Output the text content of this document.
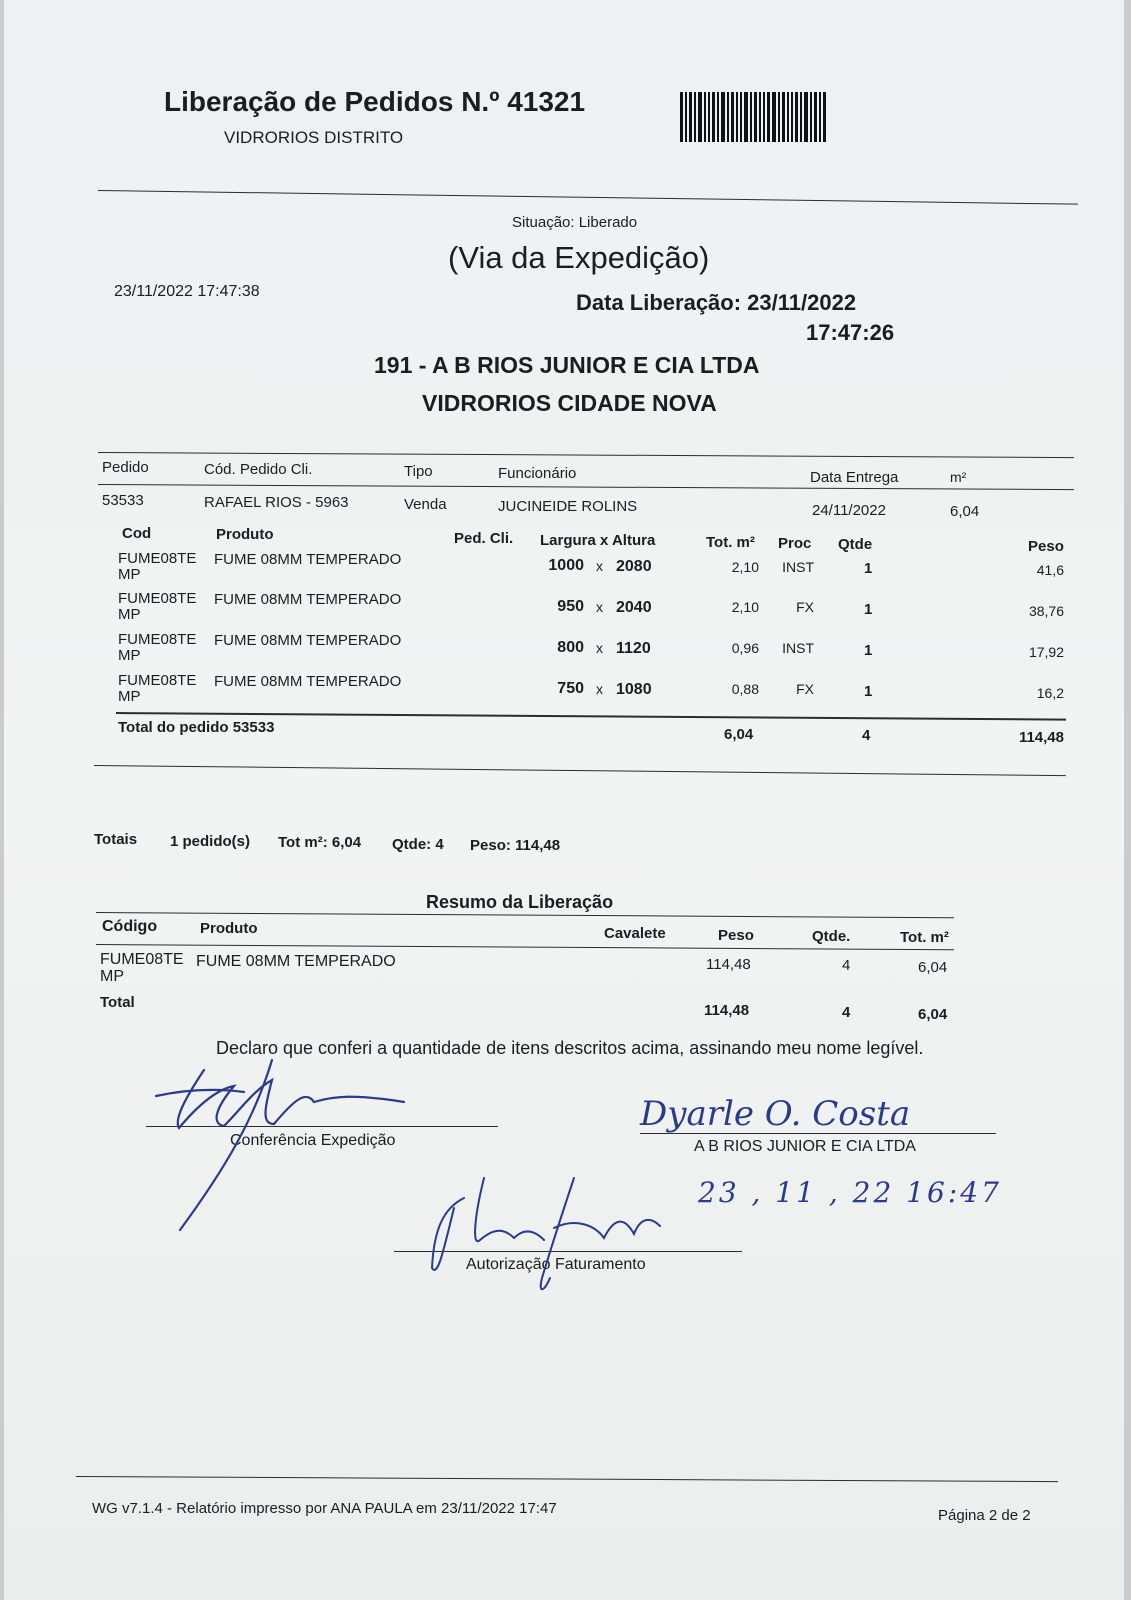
Liberação de Pedidos N.º 41321
VIDRORIOS DISTRITO
Situação: Liberado
(Via da Expedição)
23/11/2022 17:47:38	Data Liberação: 23/11/2022
17:47:26
191 - A B RIOS JUNIOR E CIA LTDA
VIDRORIOS CIDADE NOVA
Pedido	Cód. Pedido Cli.	Tipo	Funcionário	Data Entrega	m²
53533	RAFAEL RIOS - 5963	Venda	JUCINEIDE ROLINS	24/11/2022	6,04
Cod	Produto	Ped. Cli. Largura x Altura	Tot. m² Proc Qtde	Peso
FUME08TE
MP
FUME 08MM TEMPERADO	1000 x 2080	2,10	INST	1	41,6
FUME08TE
MP
FUME 08MM TEMPERADO	950 x 2040	2,10	FX	1	38,76
FUME08TE
MP
FUME 08MM TEMPERADO	800 x 1120	0,96	INST	1	17,92
FUME08TE
MP
FUME 08MM TEMPERADO	750 x 1080	0,88	FX	1	16,2
Total do pedido 53533	6,04	4	114,48
Totais 1 pedido(s) Tot m²: 6,04 Qtde: 4 Peso: 114,48
Resumo da Liberação
Código	Produto	Cavalete	Peso	Qtde.	Tot. m²
FUME08TE
MP
FUME 08MM TEMPERADO	114,48	4	6,04
Total	114,48	4	6,04
Declaro que conferi a quantidade de itens descritos acima, assinando meu nome legível.
Conferência Expedição	A B RIOS JUNIOR E CIA LTDA
23 , 11 , 22 16:47
Autorização Faturamento
Dyarle O. Costa
WG v7.1.4 - Relatório impresso por ANA PAULA em 23/11/2022 17:47	Página 2 de 2
